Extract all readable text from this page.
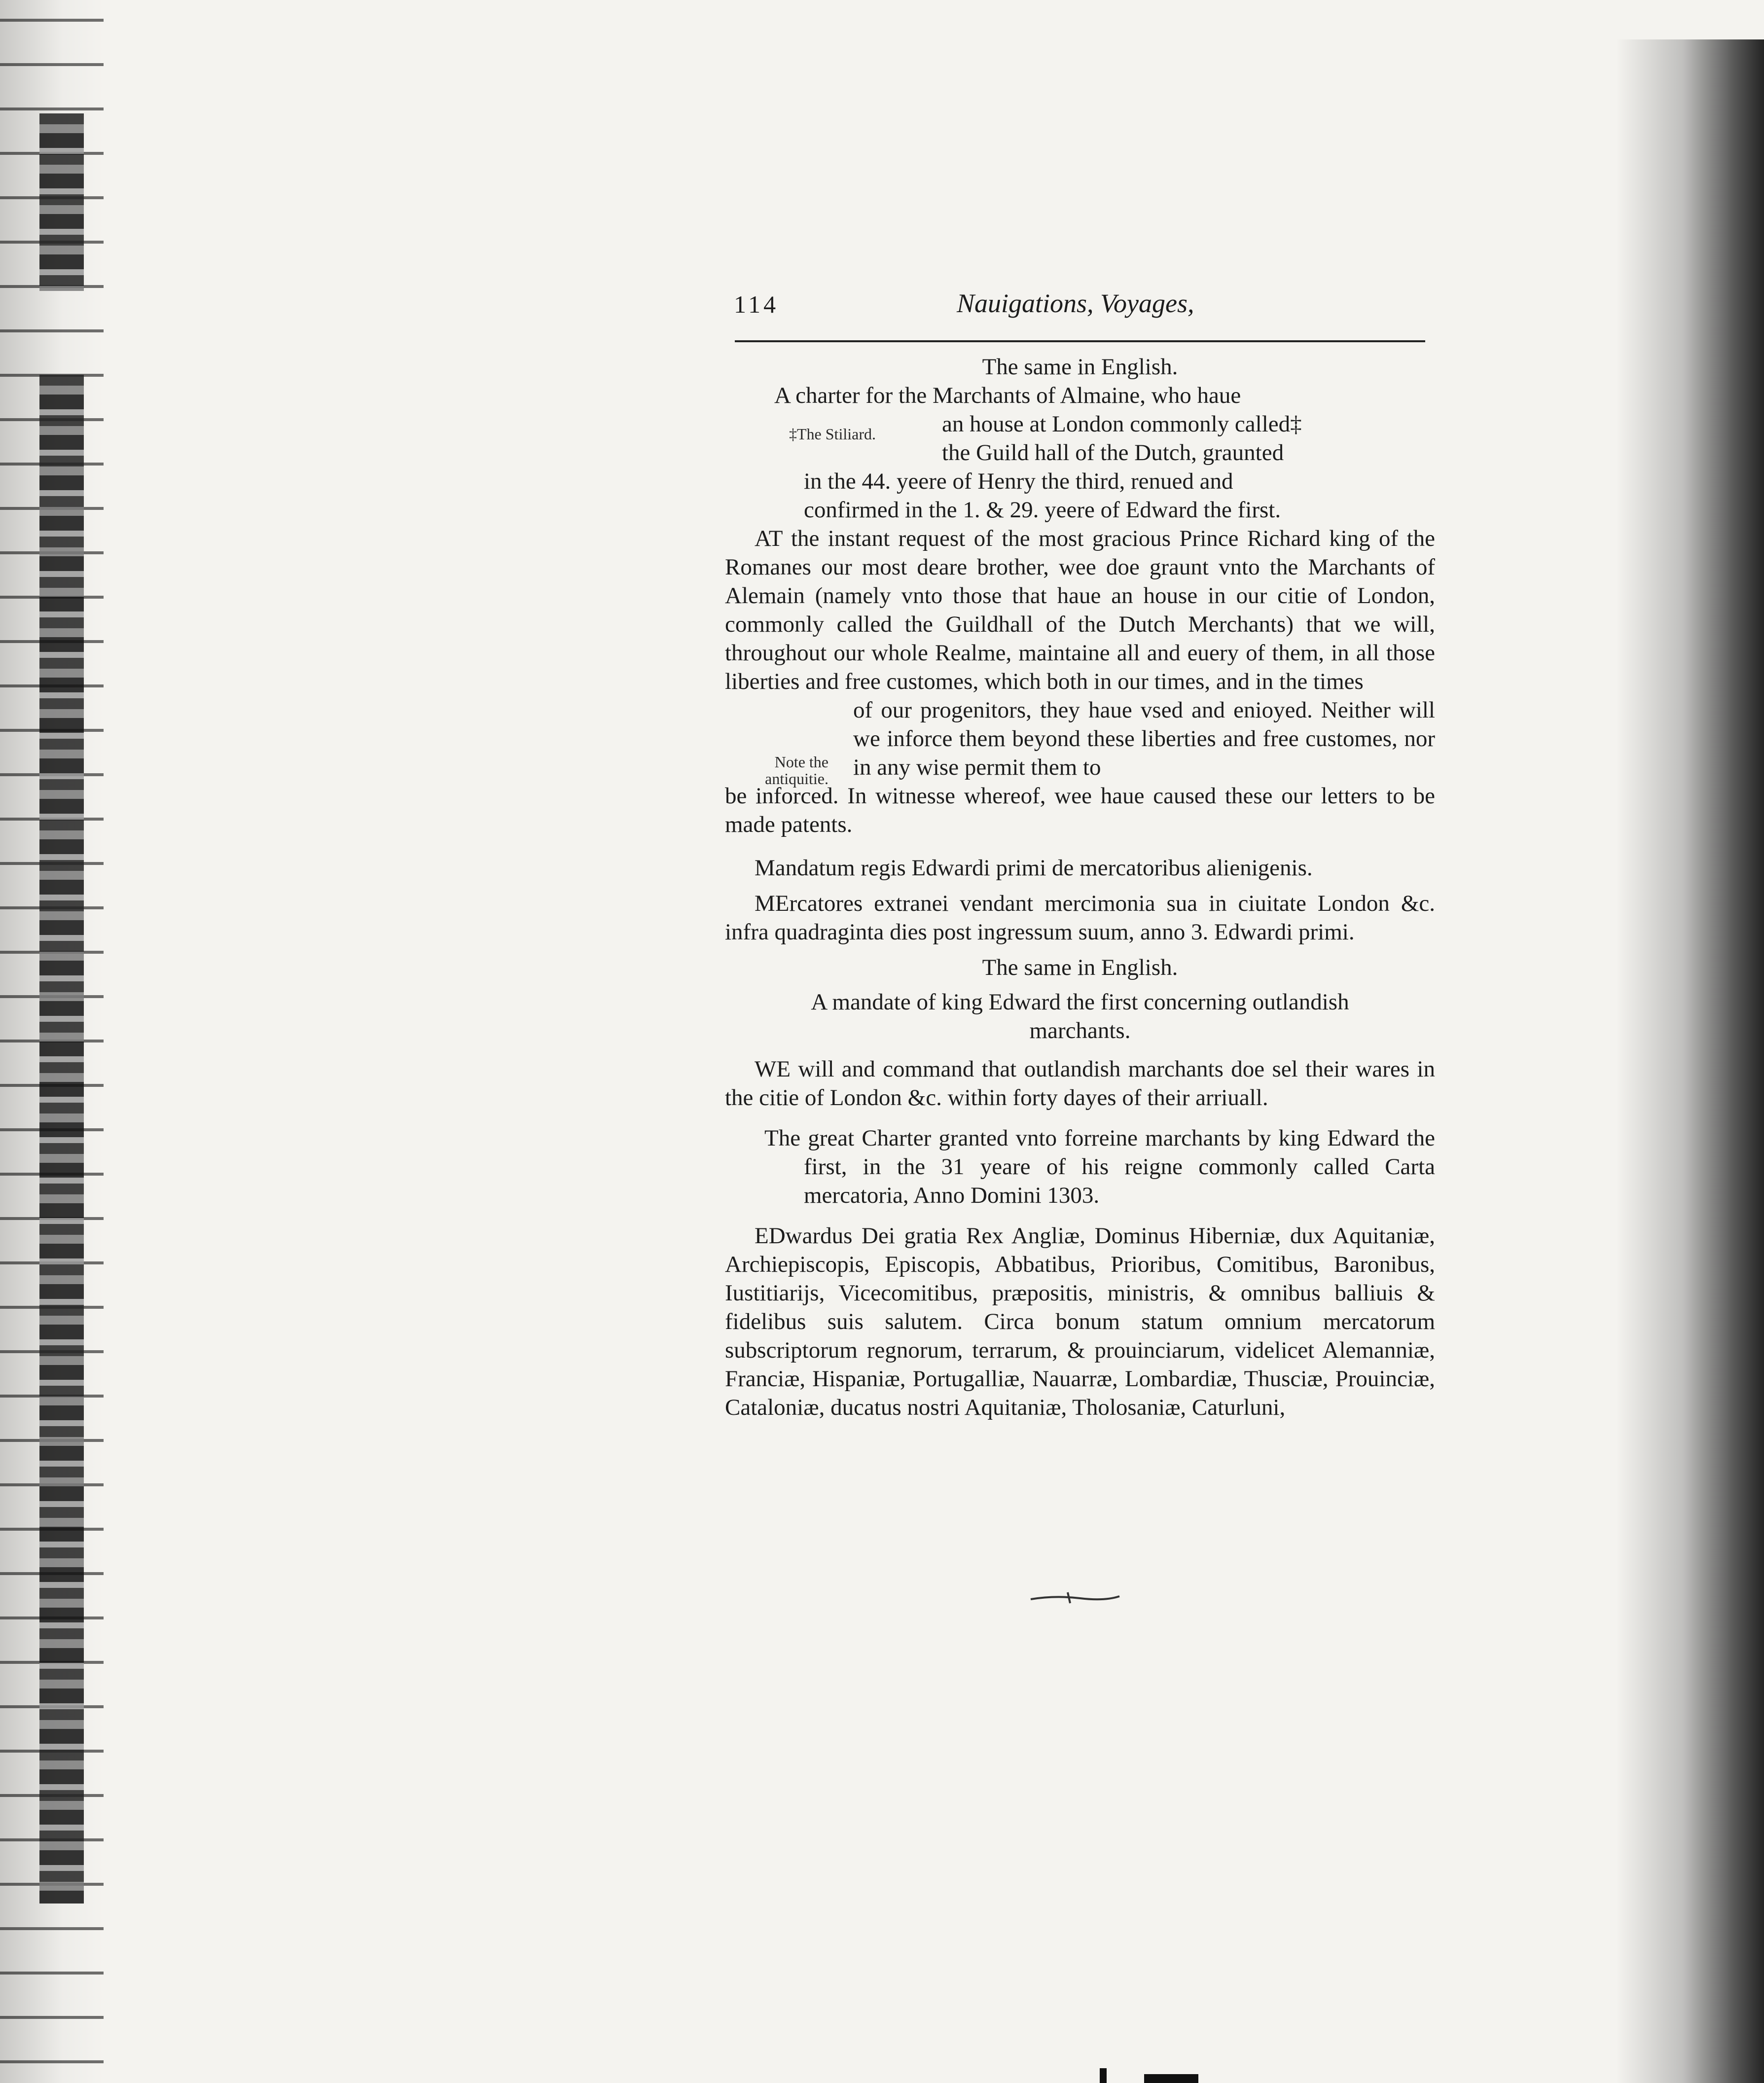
114	Nauigations, Voyages,

The same in English.

A charter for the Marchants of Almaine, who haue

an house at London commonly called‡

the Guild hall of the Dutch, graunted

in the 44. yeere of Henry the third, renued and

confirmed in the 1. & 29. yeere of Edward the first.

‡The Stiliard.

AT the instant request of the most gracious Prince Richard king of the Romanes our most deare brother, wee doe graunt vnto the Marchants of Alemain (namely vnto those that haue an house in our citie of London, commonly called the Guildhall of the Dutch Merchants) that we will, throughout our whole Realme, maintaine all and euery of them, in all those liberties and free customes, which both in our times, and in the times

of our progenitors, they haue vsed and enioyed. Neither will we inforce them beyond these liberties and free customes, nor in any wise permit them to

be inforced. In witnesse whereof, wee haue caused these our letters to be made patents.

Note the antiquitie.

Mandatum regis Edwardi primi de mercatoribus alienigenis.

MErcatores extranei vendant mercimonia sua in ciuitate London &c. infra quadraginta dies post ingressum suum, anno 3. Edwardi primi.

The same in English.

A mandate of king Edward the first concerning outlandish

marchants.

WE will and command that outlandish marchants doe sel their wares in the citie of London &c. within forty dayes of their arriuall.

The great Charter granted vnto forreine marchants by king Edward the first, in the 31 yeare of his reigne commonly called Carta mercatoria, Anno Domini 1303.

EDwardus Dei gratia Rex Angliæ, Dominus Hiberniæ, dux Aquitaniæ, Archiepiscopis, Episcopis, Abbatibus, Prioribus, Comitibus, Baronibus, Iustitiarijs, Vicecomitibus, præpositis, ministris, & omnibus balliuis & fidelibus suis salutem. Circa bonum statum omnium mercatorum subscriptorum regnorum, terrarum, & prouinciarum, videlicet Alemanniæ, Franciæ, Hispaniæ, Portugalliæ, Nauarræ, Lombardiæ, Thusciæ, Prouinciæ, Cataloniæ, ducatus nostri Aquitaniæ, Tholosaniæ, Caturluni,
